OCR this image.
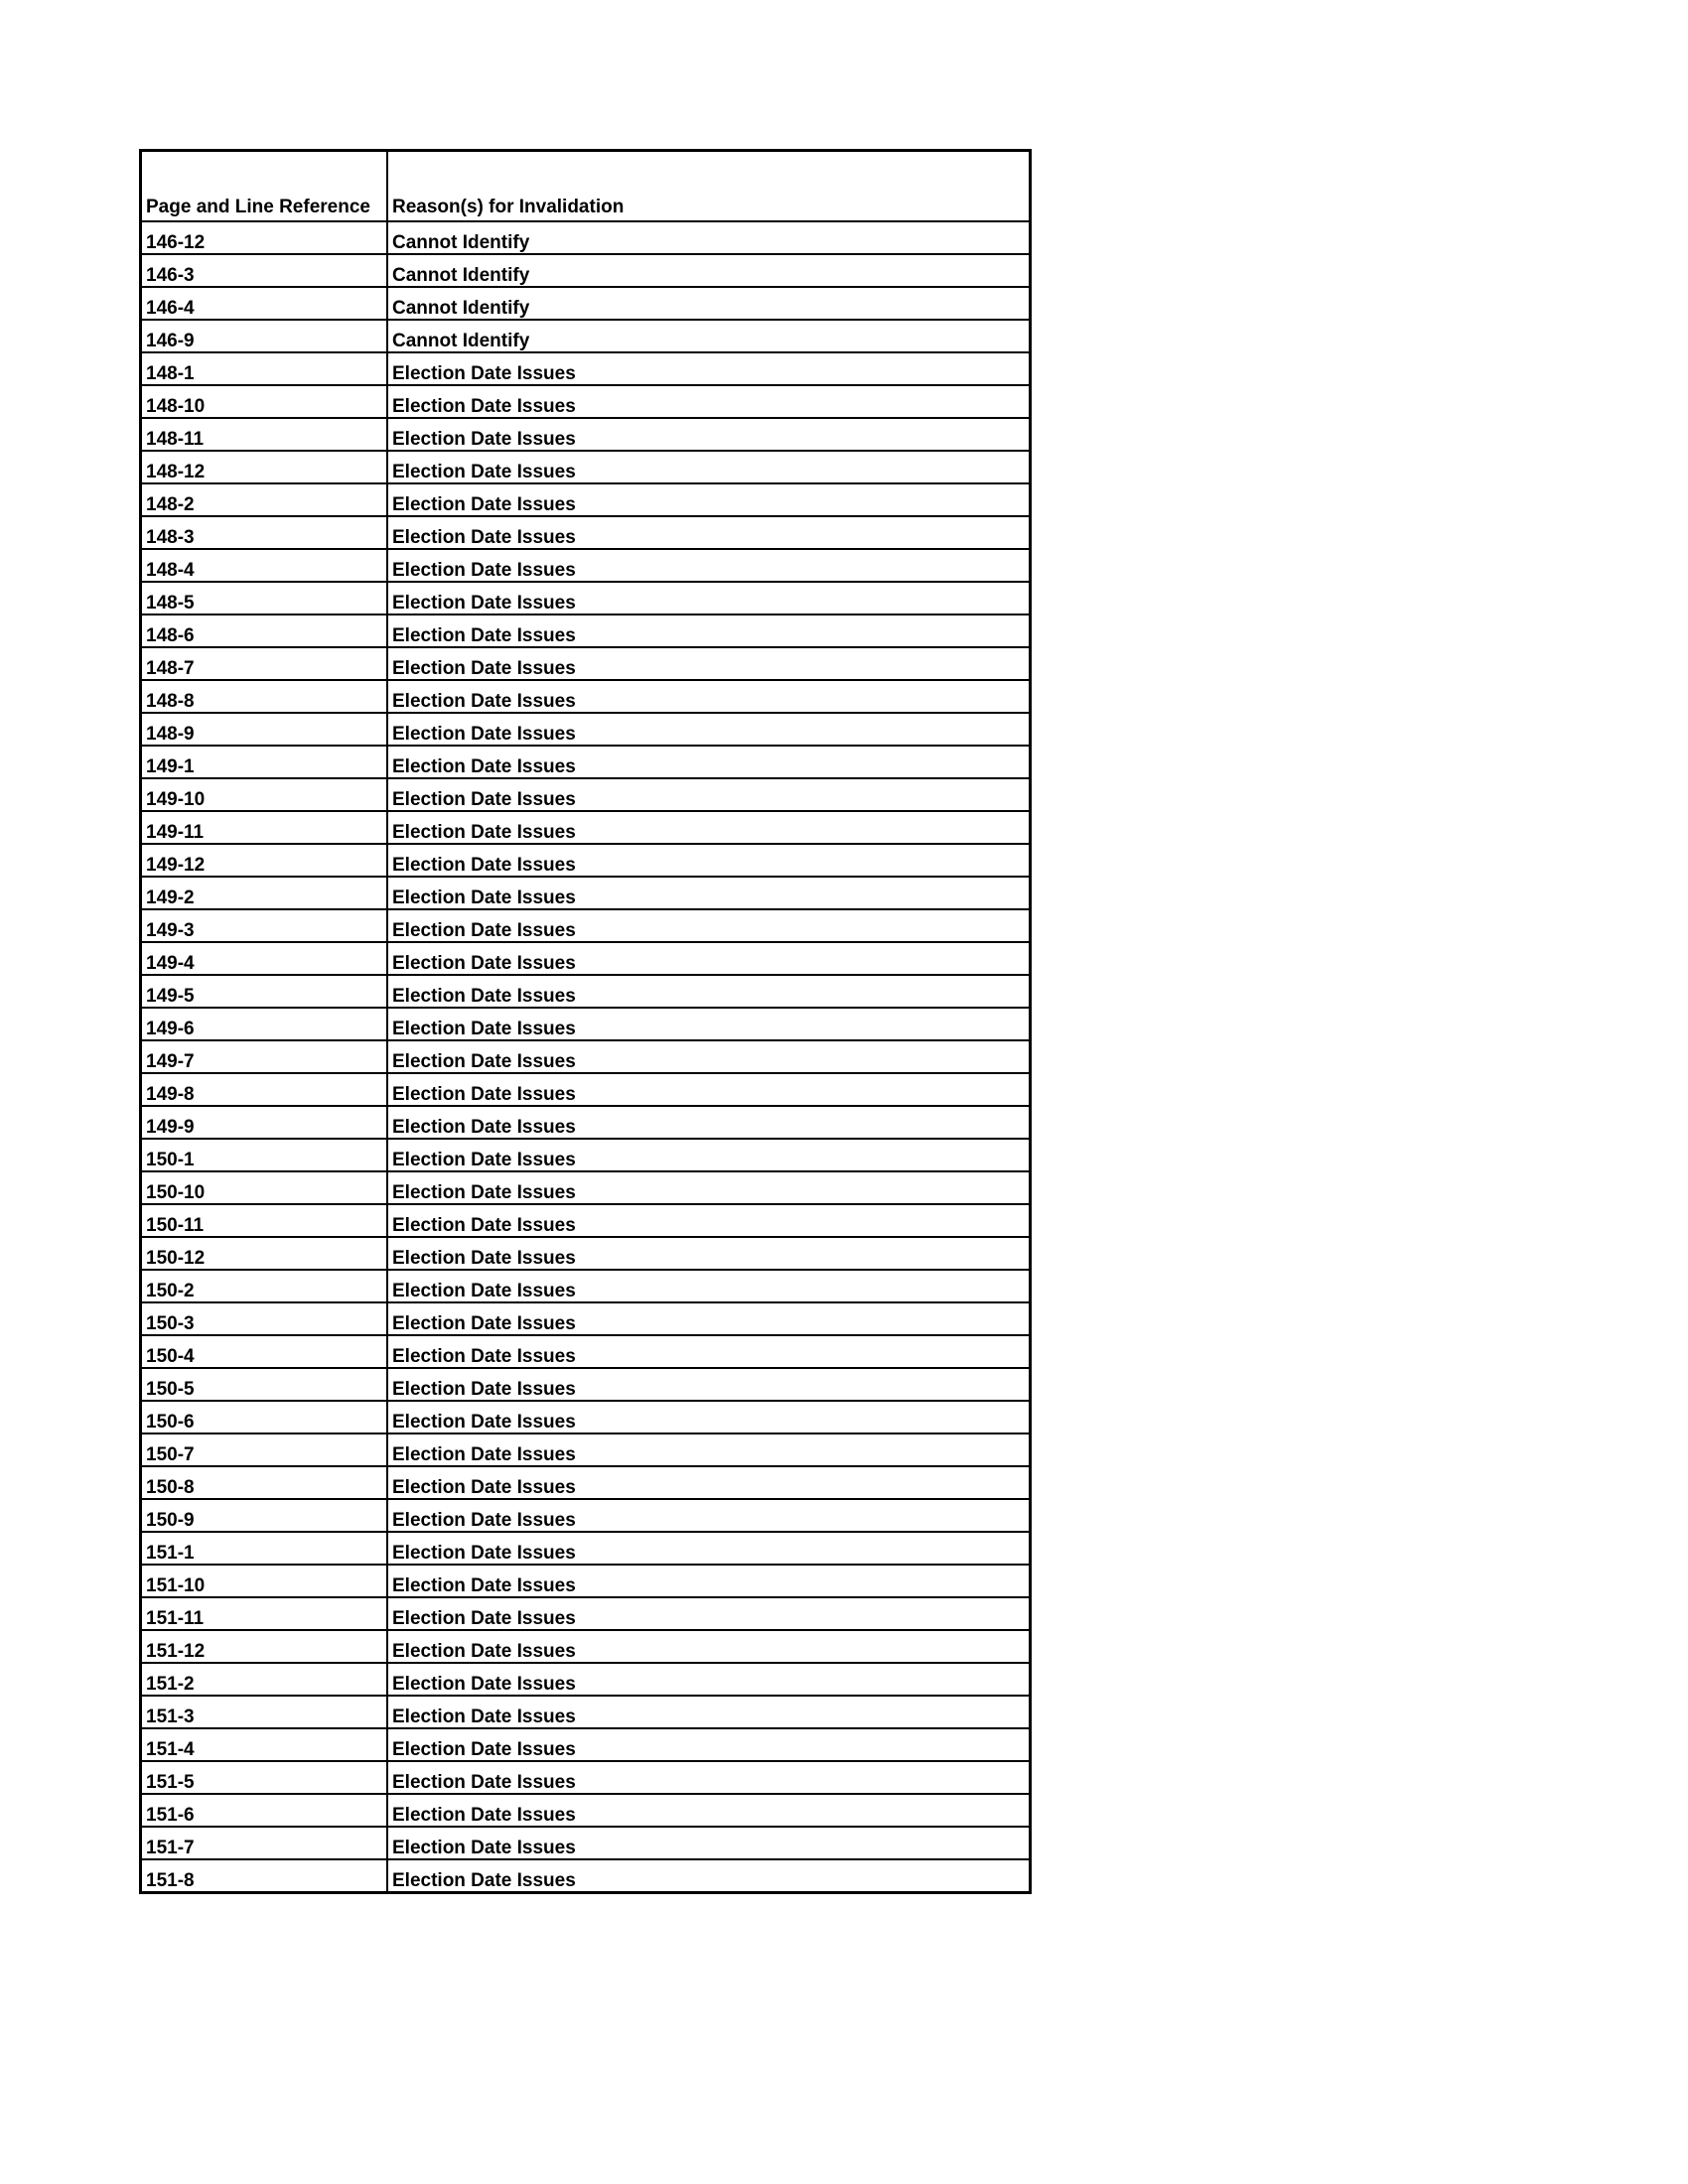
Page and Line Reference	Reason(s) for Invalidation
146-12	Cannot Identify
146-3	Cannot Identify
146-4	Cannot Identify
146-9	Cannot Identify
148-1	Election Date Issues
148-10	Election Date Issues
148-11	Election Date Issues
148-12	Election Date Issues
148-2	Election Date Issues
148-3	Election Date Issues
148-4	Election Date Issues
148-5	Election Date Issues
148-6	Election Date Issues
148-7	Election Date Issues
148-8	Election Date Issues
148-9	Election Date Issues
149-1	Election Date Issues
149-10	Election Date Issues
149-11	Election Date Issues
149-12	Election Date Issues
149-2	Election Date Issues
149-3	Election Date Issues
149-4	Election Date Issues
149-5	Election Date Issues
149-6	Election Date Issues
149-7	Election Date Issues
149-8	Election Date Issues
149-9	Election Date Issues
150-1	Election Date Issues
150-10	Election Date Issues
150-11	Election Date Issues
150-12	Election Date Issues
150-2	Election Date Issues
150-3	Election Date Issues
150-4	Election Date Issues
150-5	Election Date Issues
150-6	Election Date Issues
150-7	Election Date Issues
150-8	Election Date Issues
150-9	Election Date Issues
151-1	Election Date Issues
151-10	Election Date Issues
151-11	Election Date Issues
151-12	Election Date Issues
151-2	Election Date Issues
151-3	Election Date Issues
151-4	Election Date Issues
151-5	Election Date Issues
151-6	Election Date Issues
151-7	Election Date Issues
151-8	Election Date Issues
